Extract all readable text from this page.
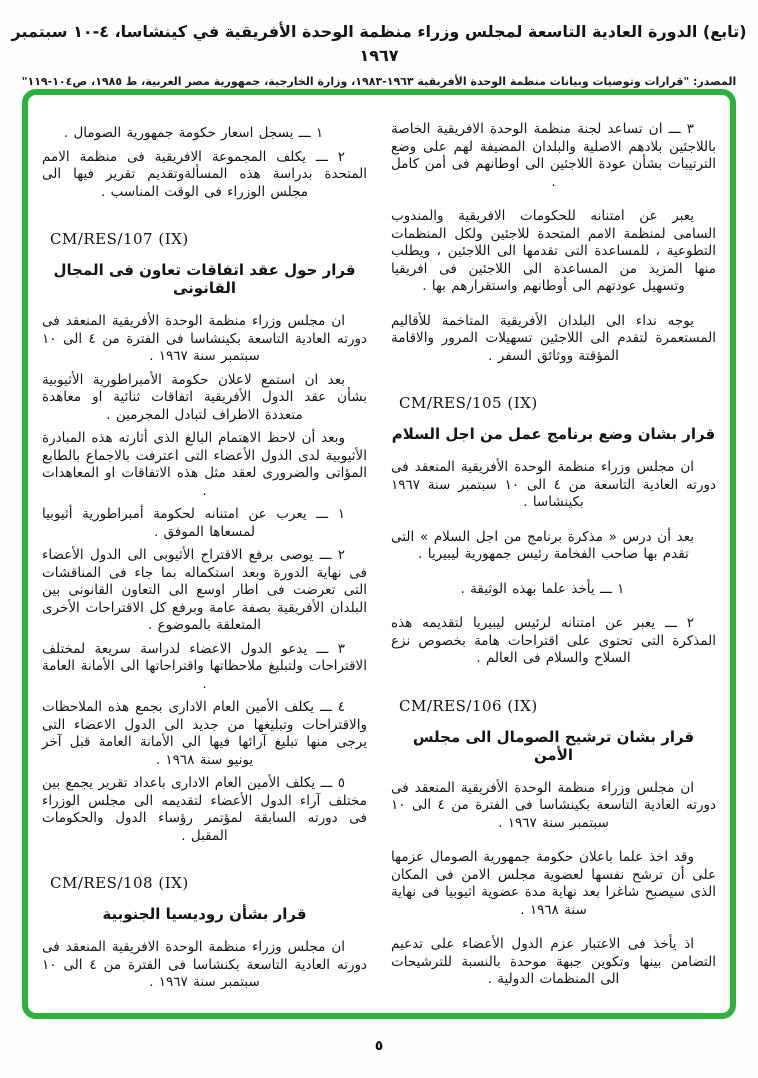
(تابع) الدورة العادية التاسعة لمجلس وزراء منظمة الوحدة الأفريقية في كينشاسا، ٤-١٠ سبتمبر ١٩٦٧
المصدر: "قرارات وتوصيات وبيانات منظمة الوحدة الأفريقية ١٩٦٣-١٩٨٣، وزارة الخارجية، جمهورية مصر العربية، ط ١٩٨٥، ص١٠٤-١١٩"
٣ ـــ ان تساعد لجنة منظمة الوحدة الافريقية الخاصة باللاجئين بلادهم الاصلية والبلدان المضيفة لهم على وضع الترتيبات بشأن عودة اللاجئين الى اوطانهم فى أمن كامل .
يعبر عن امتنانه للحكومات الافريقية والمندوب السامى لمنظمة الامم المتحدة للاجئين ولكل المنظمات التطوعية ، للمساعدة التى تقدمها الى اللاجئين ، ويطلب منها المزيد من المساعدة الى اللاجئين فى افريقيا وتسهيل عودتهم الى أوطانهم واستقرارهم بها .
يوجه نداء الى البلدان الأفريقية المتاخمة للأقاليم المستعمرة لتقدم الى اللاجئين تسهيلات المرور والاقامة المؤقتة ووثائق السفر .
CM/RES/105 (IX)
قرار بشان وضع برنامج عمل من اجل السلام
ان مجلس وزراء منظمة الوحدة الأفريقية المنعقد فى دورته العادية التاسعة من ٤ الى ١٠ سبتمبر سنة ١٩٦٧ بكينشاسا .
بعد أن درس « مذكرة برنامج من اجل السلام » التى تقدم بها صاحب الفخامة رئيس جمهورية ليبيريا .
١ ـــ يأخذ علما بهذه الوثيقة .
٢ ـــ يعبر عن امتنانه لرئيس ليبيريا لتقديمه هذه المذكرة التى تحتوى على اقتراحات هامة بخصوص نزع السلاح والسلام فى العالم .
CM/RES/106 (IX)
قرار بشان ترشيح الصومال الى مجلس الأمن
ان مجلس وزراء منظمة الوحدة الأفريقية المنعقد فى دورته العادية التاسعة بكينشاسا فى الفترة من ٤ الى ١٠ سبتمبر سنة ١٩٦٧ .
وقد اخذ علما باعلان حكومة جمهورية الصومال عزمها على أن ترشح نفسها لعضوية مجلس الامن فى المكان الذى سيصبح شاغرا بعد نهاية مدة عضوية اثيوبيا فى نهاية سنة ١٩٦٨ .
اذ يأخذ فى الاعتبار عزم الدول الأعضاء على تدعيم التضامن بينها وتكوين جبهة موحدة بالنسبة للترشيحات الى المنظمات الدولية .
١ ـــ يسجل اسعار حكومة جمهورية الصومال .
٢ ـــ يكلف المجموعة الافريقية فى منظمة الامم المتحدة بدراسة هذه المسألةوتقديم تقرير فيها الى مجلس الوزراء فى الوقت المناسب .
CM/RES/107 (IX)
قرار حول عقد اتفاقات تعاون فى المجال القانونى
ان مجلس وزراء منظمة الوحدة الأفريقية المنعقد فى دورته العادية التاسعة بكينشاسا فى الفترة من ٤ الى ١٠ سبتمبر سنة ١٩٦٧ .
بعد ان استمع لاعلان حكومة الأمبراطورية الأثيوبية بشأن عقد الدول الأفريقية اتفاقات ثنائية او معاهدة متعددة الاطراف لتبادل المجرمين .
وبعد أن لاحظ الاهتمام البالغ الذى أثارته هذه المبادرة الأثيوبية لدى الدول الأعضاء التى اعترفت بالاجماع بالطابع المؤاتى والضرورى لعقد مثل هذه الاتفاقات او المعاهدات .
١ ـــ يعرب عن امتنانه لحكومة أمبراطورية أثيوبيا لمسعاها الموفق .
٢ ـــ يوصى برفع الاقتراح الأثيوبى الى الدول الأعضاء فى نهاية الدورة وبعد استكماله بما جاء فى المناقشات التى تعرضت فى اطار اوسع الى التعاون القانونى بين البلدان الأفريقية بصفة عامة وبرفع كل الاقتراحات الأخرى المتعلقة بالموضوع .
٣ ـــ يدعو الدول الاعضاء لدراسة سريعة لمختلف الاقتراحات ولتبليغ ملاحظاتها واقتراحاتها الى الأمانة العامة .
٤ ـــ يكلف الأمين العام الادارى بجمع هذه الملاحظات والاقتراحات وتبليغها من جديد الى الدول الاعضاء التى يرجى منها تبليغ آرائها فيها الى الأمانة العامة قبل آخر يونيو سنة ١٩٦٨ .
٥ ـــ يكلف الأمين العام الادارى باعداد تقرير يجمع بين مختلف آراء الدول الأعضاء لتقديمه الى مجلس الوزراء فى دورته السابقة لمؤتمر رؤساء الدول والحكومات المقبل .
CM/RES/108 (IX)
قرار بشأن روديسيا الجنوبية
ان مجلس وزراء منظمة الوحدة الافريقية المنعقد فى دورته العادية التاسعة بكنشاسا فى الفترة من ٤ الى ١٠ سبتمبر سنة ١٩٦٧ .
٥
